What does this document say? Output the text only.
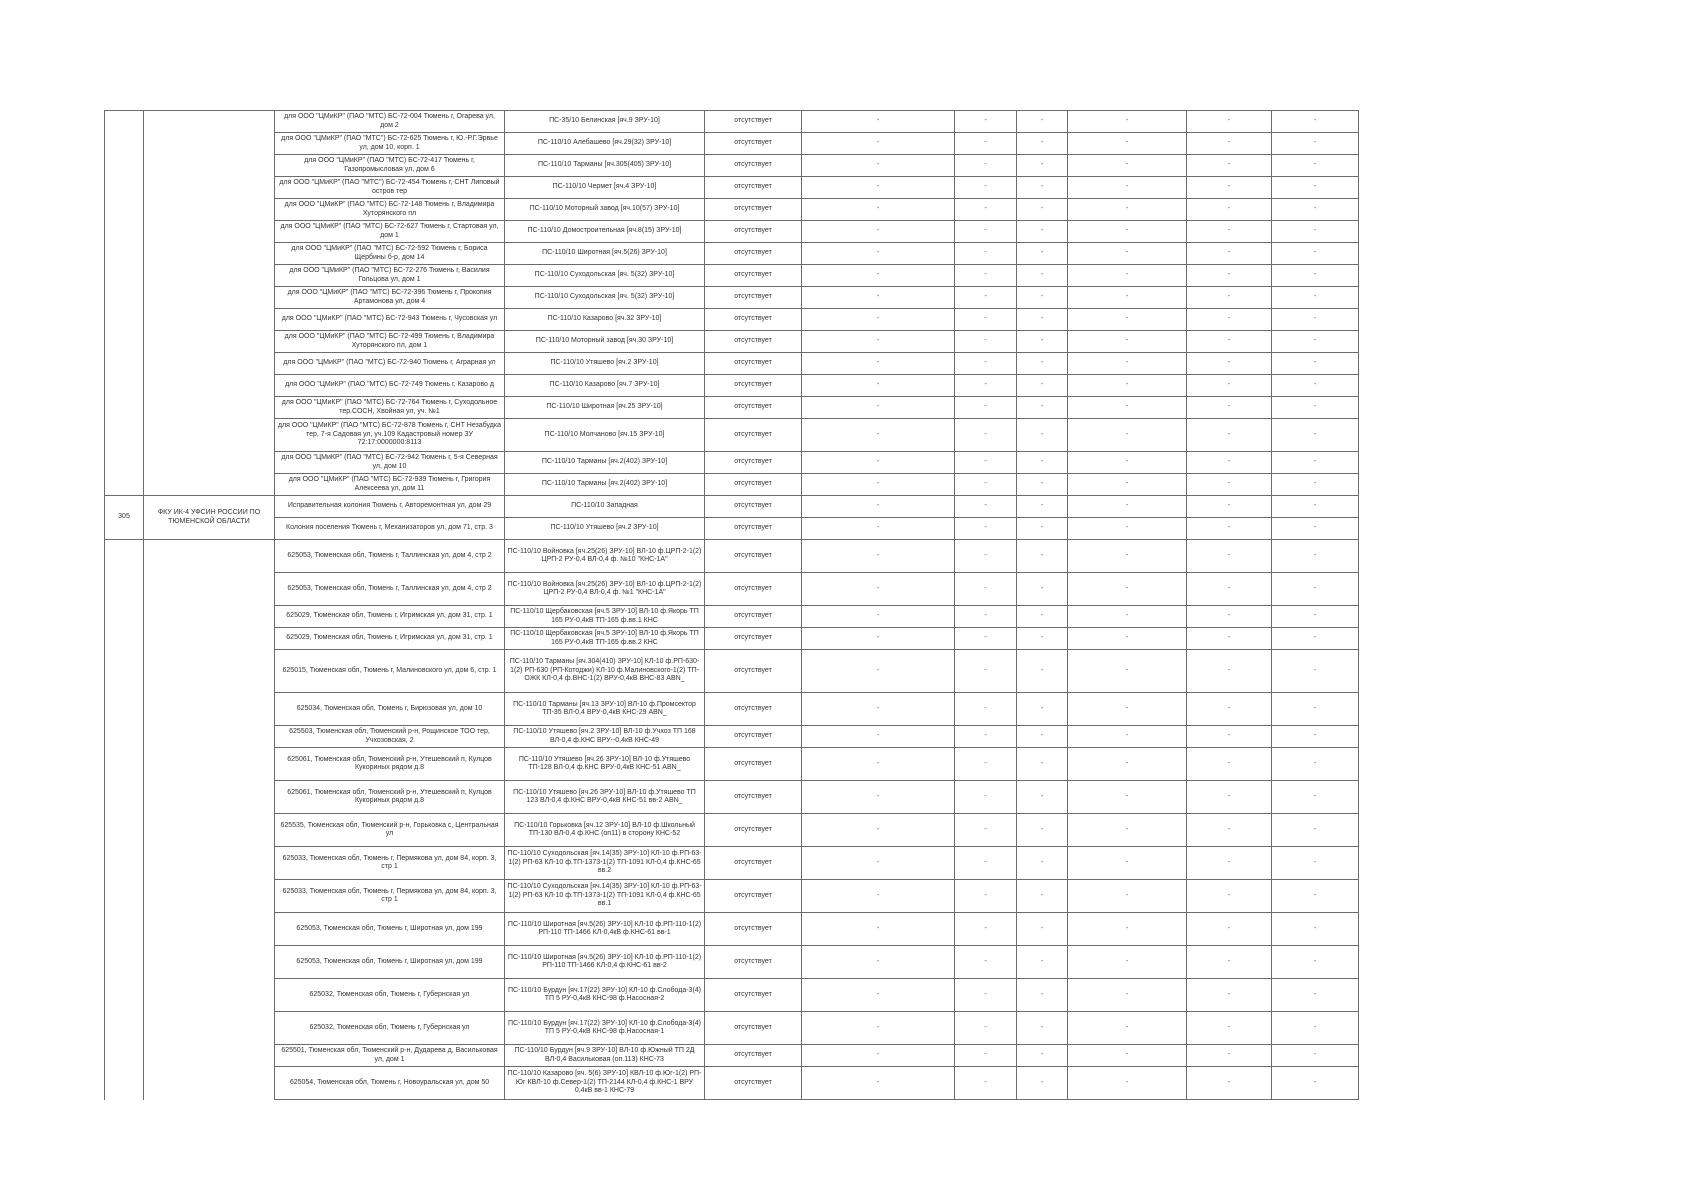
		для ООО "ЦМиКР" (ПАО "МТС) БС-72-004 Тюмень г, Огарева ул, дом 2	ПС-35/10 Белинская [яч.9 ЗРУ-10]	отсутствует	-	-	-	-	-	-
		для ООО "ЦМиКР" (ПАО "МТС") БС-72-625 Тюмень г, Ю.-Р.Г.Эрвье ул, дом 10, корп. 1	ПС-110/10 Алебашево [яч.29(32) ЗРУ-10]	отсутствует	-	-	-	-	-	-
		для ООО "ЦМиКР" (ПАО "МТС) БС-72-417 Тюмень г, Газопромысловая ул, дом 6	ПС-110/10 Тарманы [яч.305(405) ЗРУ-10]	отсутствует	-	-	-	-	-	-
		для ООО "ЦМиКР" (ПАО "МТС") БС-72-454 Тюмень г, СНТ Липовый остров тер	ПС-110/10 Чермет [яч.4 ЗРУ-10]	отсутствует	-	-	-	-	-	-
		для ООО "ЦМиКР" (ПАО "МТС) БС-72-148 Тюмень г, Владимира Хуторянского пл	ПС-110/10 Моторный завод [яч.10(57) ЗРУ-10]	отсутствует	-	-	-	-	-	-
		для ООО "ЦМиКР" (ПАО "МТС) БС-72-627 Тюмень г, Стартовая ул, дом 1	ПС-110/10 Домостроительная [яч.8(15) ЗРУ-10]	отсутствует	-	-	-	-	-	-
		для ООО "ЦМиКР" (ПАО "МТС) БС-72-592 Тюмень г, Бориса Щербины б-р, дом 14	ПС-110/10 Широтная [яч.5(26) ЗРУ-10]	отсутствует	-	-	-	-	-	-
		для ООО "ЦМиКР" (ПАО "МТС) БС-72-276 Тюмень г, Василия Гольцова ул, дом 1	ПС-110/10 Суходольская [яч. 5(32) ЗРУ-10]	отсутствует	-	-	-	-	-	-
		для ООО "ЦМиКР" (ПАО "МТС) БС-72-396 Тюмень г, Прокопия Артамонова ул, дом 4	ПС-110/10 Суходольская [яч. 5(32) ЗРУ-10]	отсутствует	-	-	-	-	-	-
		для ООО "ЦМиКР" (ПАО "МТС) БС-72-943 Тюмень г, Чусовская ул	ПС-110/10 Казарово [яч.32 ЗРУ-10]	отсутствует	-	-	-	-	-	-
		для ООО "ЦМиКР" (ПАО "МТС) БС-72-499 Тюмень г, Владимира Хуторянского пл, дом 1	ПС-110/10 Моторный завод [яч.30 ЗРУ-10]	отсутствует	-	-	-	-	-	-
		для ООО "ЦМиКР" (ПАО "МТС) БС-72-940 Тюмень г, Аграрная ул	ПС-110/10 Утяшево [яч.2 ЗРУ-10]	отсутствует	-	-	-	-	-	-
		для ООО "ЦМиКР" (ПАО "МТС) БС-72-749 Тюмень г, Казарово д	ПС-110/10 Казарово [яч.7 ЗРУ-10]	отсутствует	-	-	-	-	-	-
		для ООО "ЦМиКР" (ПАО "МТС) БС-72-764 Тюмень г, Суходольное тер.СОСН, Хвойная ул, уч. №1	ПС-110/10 Широтная [яч.25 ЗРУ-10]	отсутствует	-	-	-	-	-	-
		для ООО "ЦМиКР" (ПАО "МТС) БС-72-878 Тюмень г, СНТ Незабудка тер, 7-я Садовая ул, уч.109 Кадастровый номер ЗУ 72:17:0000000:8113	ПС-110/10 Молчаново [яч.15 ЗРУ-10]	отсутствует	-	-	-	-	-	-
		для ООО "ЦМиКР" (ПАО "МТС) БС-72-942 Тюмень г, 5-я Северная ул, дом 10	ПС-110/10 Тарманы [яч.2(402) ЗРУ-10]	отсутствует	-	-	-	-	-	-
		для ООО "ЦМиКР" (ПАО "МТС) БС-72-939 Тюмень г, Григория Алексеева ул, дом 11	ПС-110/10 Тарманы [яч.2(402) ЗРУ-10]	отсутствует	-	-	-	-	-	-
305	ФКУ ИК-4 УФСИН РОССИИ ПО ТЮМЕНСКОЙ ОБЛАСТИ	Исправительная колония Тюмень г, Авторемонтная ул, дом 29	ПС-110/10 Западная	отсутствует	-	-	-	-	-	-
		Колония поселения Тюмень г, Механизаторов ул, дом 71, стр. 3	ПС-110/10 Утяшево [яч.2 ЗРУ-10]	отсутствует	-	-	-	-	-	-
		625053, Тюменская обл, Тюмень г, Таллинская ул, дом 4, стр 2	ПС-110/10 Войновка [яч.25(26) ЗРУ-10] ВЛ-10 ф.ЦРП-2-1(2) ЦРП-2 РУ-0,4 ВЛ-0,4 ф. №10 "КНС-1А"	отсутствует	-	-	-	-	-	-
		625053, Тюменская обл, Тюмень г, Таллинская ул, дом 4, стр 2	ПС-110/10 Войновка [яч.25(26) ЗРУ-10] ВЛ-10 ф.ЦРП-2-1(2) ЦРП-2 РУ-0,4 ВЛ-0,4 ф. №1 "КНС-1А"	отсутствует	-	-	-	-	-	-
		625029, Тюменская обл, Тюмень г, Игримская ул, дом 31, стр. 1	ПС-110/10 Щербаковская [яч.5 ЗРУ-10] ВЛ-10 ф.Якорь ТП 165 РУ-0,4кВ ТП-165 ф.вв.1 КНС	отсутствует	-	-	-	-	-	-
		625029, Тюменская обл, Тюмень г, Игримская ул, дом 31, стр. 1	ПС-110/10 Щербаковская [яч.5 ЗРУ-10] ВЛ-10 ф.Якорь ТП 165 РУ-0,4кВ ТП-165 ф.вв.2 КНС	отсутствует	-	-	-	-	-	-
		625015, Тюменская обл, Тюмень г, Малиновского ул, дом 6, стр. 1	ПС-110/10 Тарманы [яч.304(410) ЗРУ-10] КЛ-10 ф.РП-630-1(2) РП-630 (РП-Котоджи) КЛ-10 ф.Малиновского-1(2) ТП-ОЖК КЛ-0,4 ф.ВНС-1(2) ВРУ-0,4кВ ВНС-83 АВN_	отсутствует	-	-	-	-	-	-
		625034, Тюменская обл, Тюмень г, Бирюзовая ул, дом 10	ПС-110/10 Тарманы [яч.13 ЗРУ-10] ВЛ-10 ф.Промсектор ТП-35 ВЛ-0,4 ВРУ-0,4кВ КНС-29 АВN_	отсутствует	-	-	-	-	-	-
		625503, Тюменская обл, Тюменский р-н, Рощинское ТОО тер, Учхозовская, 2	ПС-110/10 Утяшево [яч.2 ЗРУ-10] ВЛ-10 ф.Учхоз ТП 168 ВЛ-0,4 ф.КНС ВРУ--0,4кВ КНС-49	отсутствует	-	-	-	-	-	-
		625061, Тюменская обл, Тюменский р-н, Утешевский п, Кулцов Кукориных рядом д.8	ПС-110/10 Утяшево [яч.26 ЗРУ-10] ВЛ-10 ф.Утяшево ТП-128 ВЛ-0,4 ф.КНС ВРУ-0,4кВ КНС-51 АВN_	отсутствует	-	-	-	-	-	-
		625061, Тюменская обл, Тюменский р-н, Утешевский п, Кулцов Кукориных рядом д.8	ПС-110/10 Утяшево [яч.26 ЗРУ-10] ВЛ-10 ф.Утяшево ТП 123 ВЛ-0,4 ф.КНС ВРУ-0,4кВ КНС-51 вв-2 АВN_	отсутствует	-	-	-	-	-	-
		625535, Тюменская обл, Тюменский р-н, Горьковка с, Центральная ул	ПС-110/10 Горьковка [яч.12 ЗРУ-10] ВЛ-10 ф.Школьный ТП-130 ВЛ-0,4 ф.КНС (оп11) в сторону КНС-52	отсутствует	-	-	-	-	-	-
		625033, Тюменская обл, Тюмень г, Пермякова ул, дом 84, корп. 3, стр 1	ПС-110/10 Суходольская [яч.14(35) ЗРУ-10] КЛ-10 ф.РП-63-1(2) РП-63 КЛ-10 ф.ТП-1373-1(2) ТП-1091 КЛ-0,4 ф.КНС-65 вв.2	отсутствует	-	-	-	-	-	-
		625033, Тюменская обл, Тюмень г, Пермякова ул, дом 84, корп. 3, стр 1	ПС-110/10 Суходольская [яч.14(35) ЗРУ-10] КЛ-10 ф.РП-63-1(2) РП-63 КЛ-10 ф.ТП-1373-1(2) ТП-1091 КЛ-0,4 ф.КНС-65 вв.1	отсутствует	-	-	-	-	-	-
		625053, Тюменская обл, Тюмень г, Широтная ул, дом 199	ПС-110/10 Широтная [яч.5(26) ЗРУ-10] КЛ-10 ф.РП-110-1(2) РП-110 ТП-1466 КЛ-0,4кВ ф.КНС-61 вв-1	отсутствует	-	-	-	-	-	-
		625053, Тюменская обл, Тюмень г, Широтная ул, дом 199	ПС-110/10 Широтная [яч.5(26) ЗРУ-10] КЛ-10 ф.РП-110-1(2) РП-110 ТП-1466 КЛ-0,4 ф.КНС-61 вв-2	отсутствует	-	-	-	-	-	-
		625032, Тюменская обл, Тюмень г, Губернская ул	ПС-110/10 Бурдун [яч.17(22) ЗРУ-10] КЛ-10 ф.Слобода-3(4) ТП 5 РУ-0,4кВ КНС-98 ф.Насосная-2	отсутствует	-	-	-	-	-	-
		625032, Тюменская обл, Тюмень г, Губернская ул	ПС-110/10 Бурдун [яч.17(22) ЗРУ-10] КЛ-10 ф.Слобода-3(4) ТП 5 РУ-0,4кВ КНС-98 ф.Насосная-1	отсутствует	-	-	-	-	-	-
		625501, Тюменская обл, Тюменский р-н, Дударева д, Васильковая ул, дом 1	ПС-110/10 Бурдун [яч.9 ЗРУ-10] ВЛ-10 ф.Южный ТП 2Д ВЛ-0,4 Васильковая (оп.113) КНС-73	отсутствует	-	-	-	-	-	-
		625054, Тюменская обл, Тюмень г, Новоуральская ул, дом 50	ПС-110/10 Казарово [яч. 5(6) ЗРУ-10] КВЛ-10 ф.Юг-1(2) РП-Юг КВЛ-10 ф.Север-1(2) ТП-2144 КЛ-0,4 ф.КНС-1 ВРУ 0,4кВ вв-1 КНС-79	отсутствует	-	-	-	-	-	-
